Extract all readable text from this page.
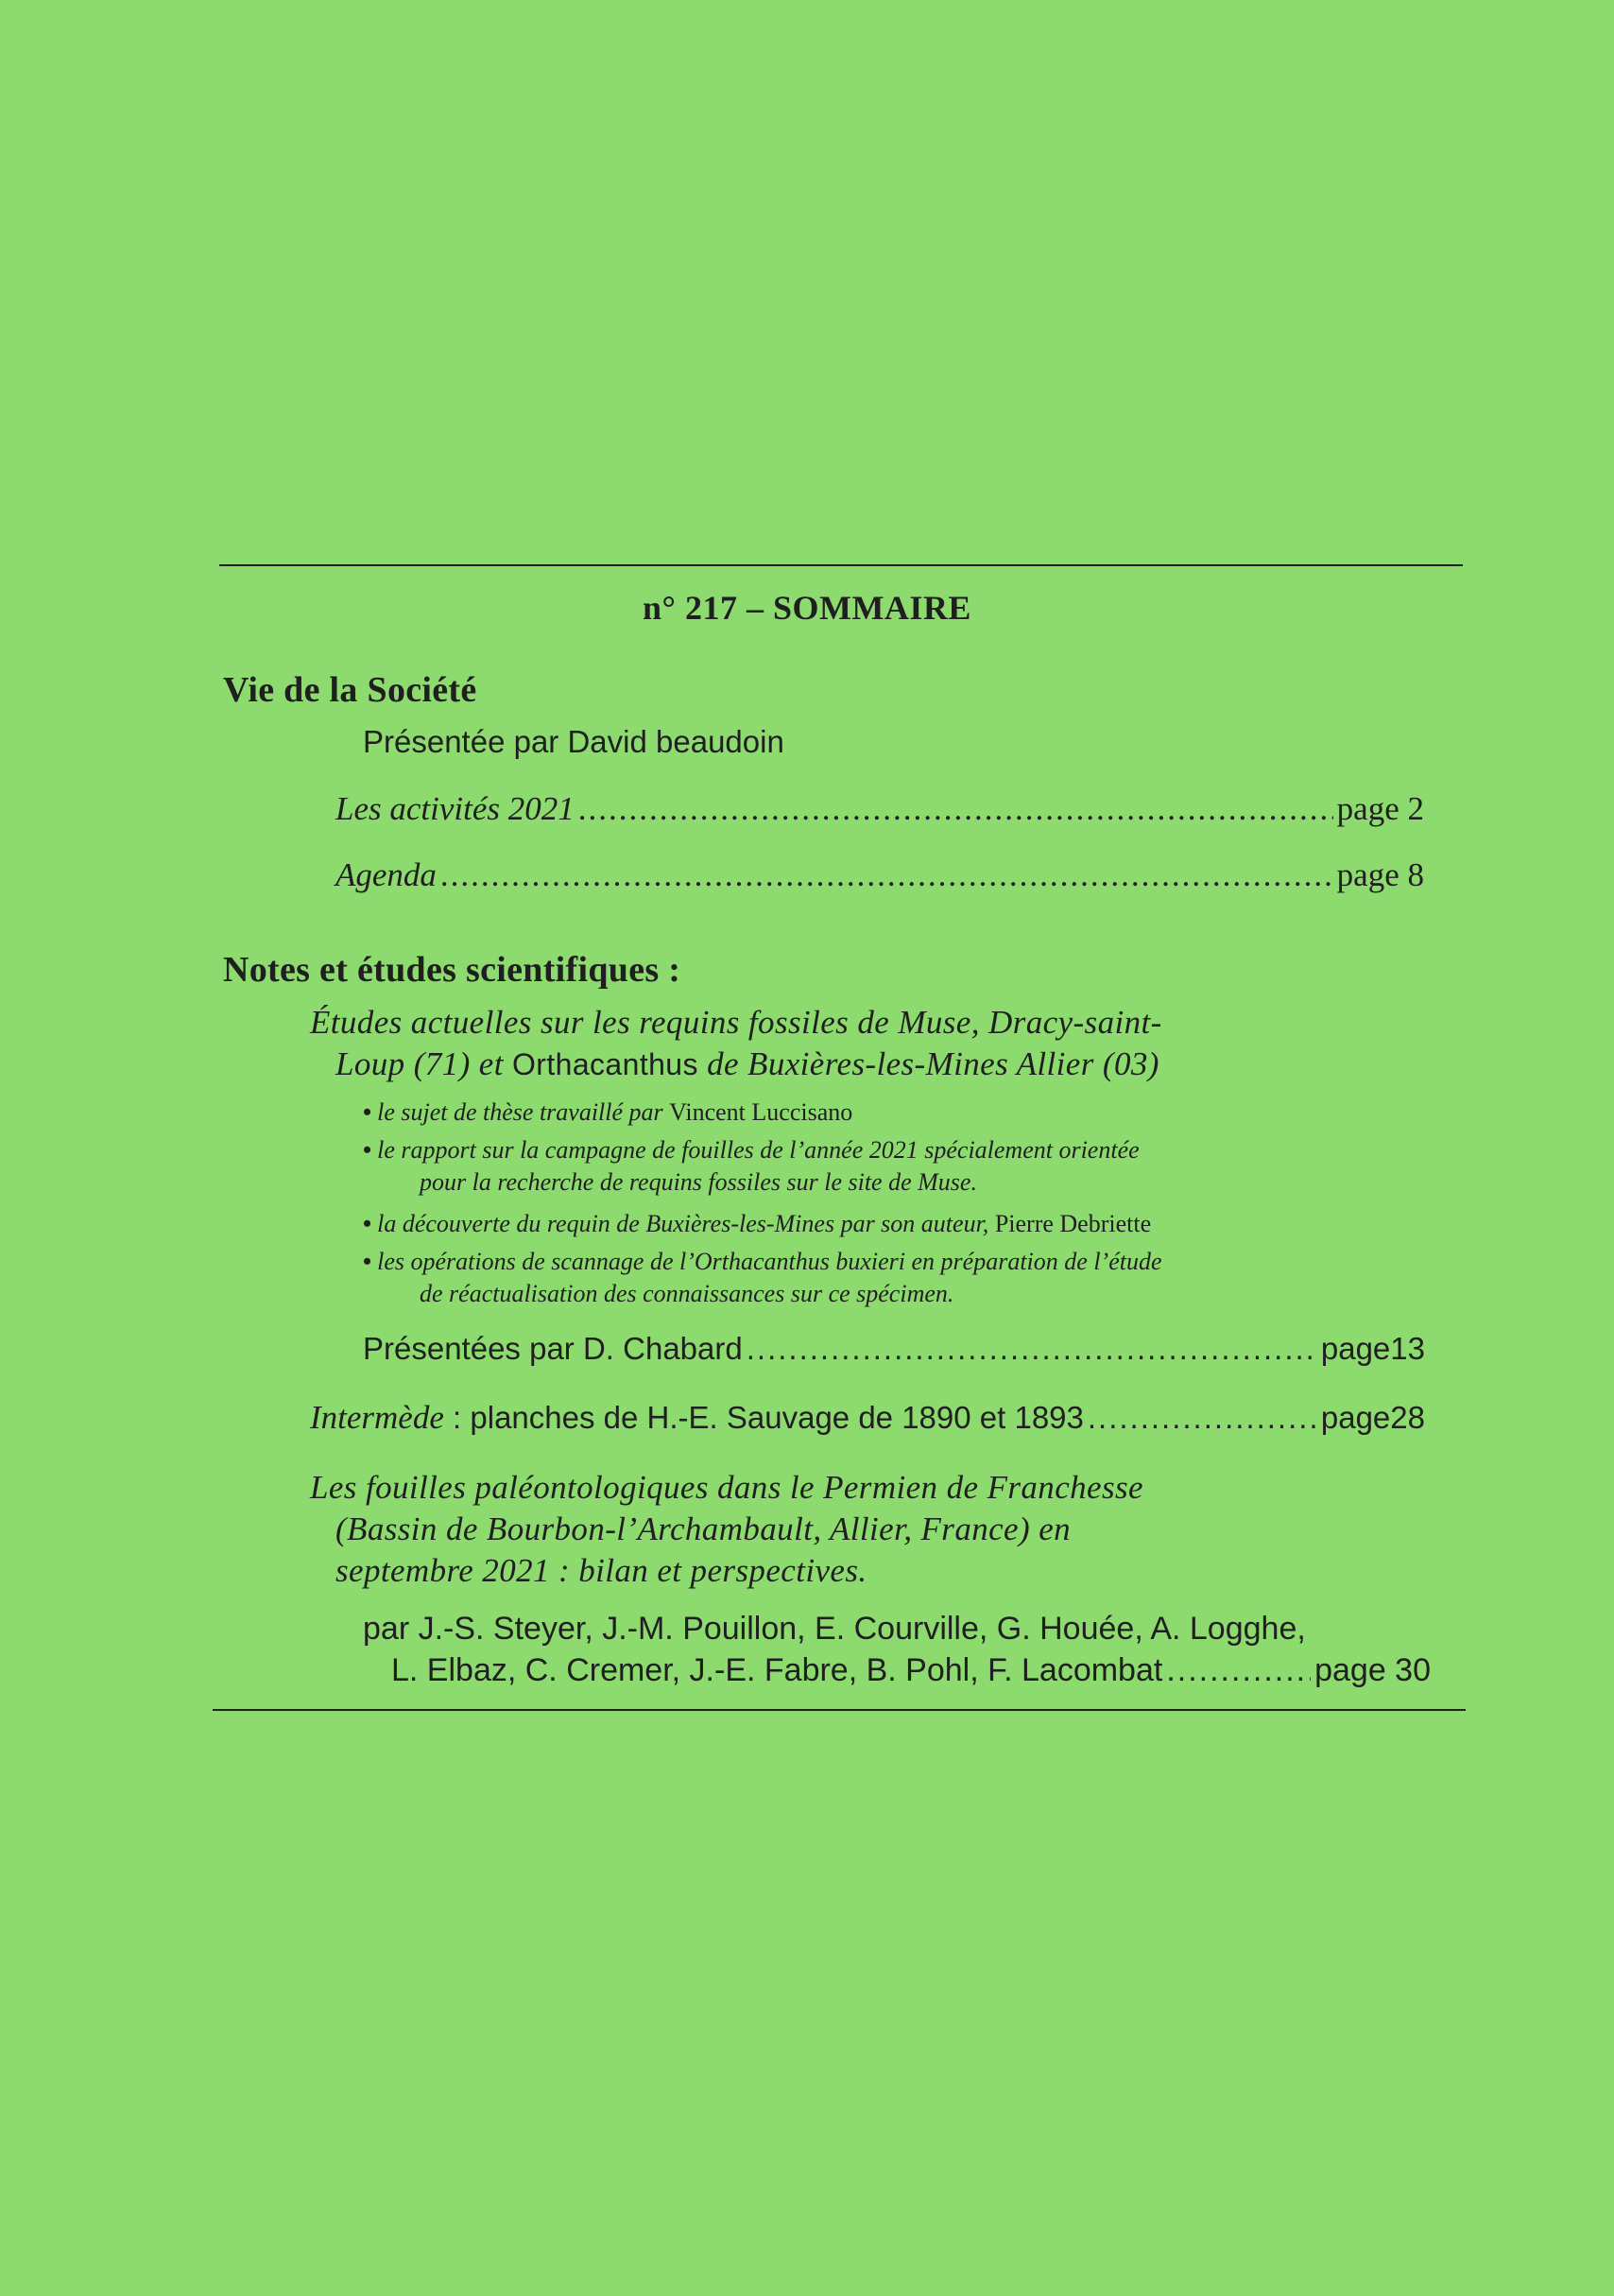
n° 217 – SOMMAIRE
Vie de la Société
Présentée par David beaudoin
Les activités 2021 .....	page 2
Agenda .....	page 8
Notes et études scientifiques :
Études actuelles sur les requins fossiles de Muse, Dracy-saint-
Loup (71) et Orthacanthus de Buxières-les-Mines Allier (03)
• le sujet de thèse travaillé par Vincent Luccisano
• le rapport sur la campagne de fouilles de l’année 2021 spécialement orientée
pour la recherche de requins fossiles sur le site de Muse.
• la découverte du requin de Buxières-les-Mines par son auteur, Pierre Debriette
• les opérations de scannage de l’Orthacanthus buxieri en préparation de l’étude
de réactualisation des connaissances sur ce spécimen.
Présentées par D. Chabard .....	page13
Intermède : planches de H.-E. Sauvage de 1890 et 1893 .....	page28
Les fouilles paléontologiques dans le Permien de Franchesse
(Bassin de Bourbon-l’Archambault, Allier, France) en
septembre 2021 : bilan et perspectives.
par J.-S. Steyer, J.-M. Pouillon, E. Courville, G. Houée, A. Logghe,
L. Elbaz, C. Cremer, J.-E. Fabre, B. Pohl, F. Lacombat .....	page 30
